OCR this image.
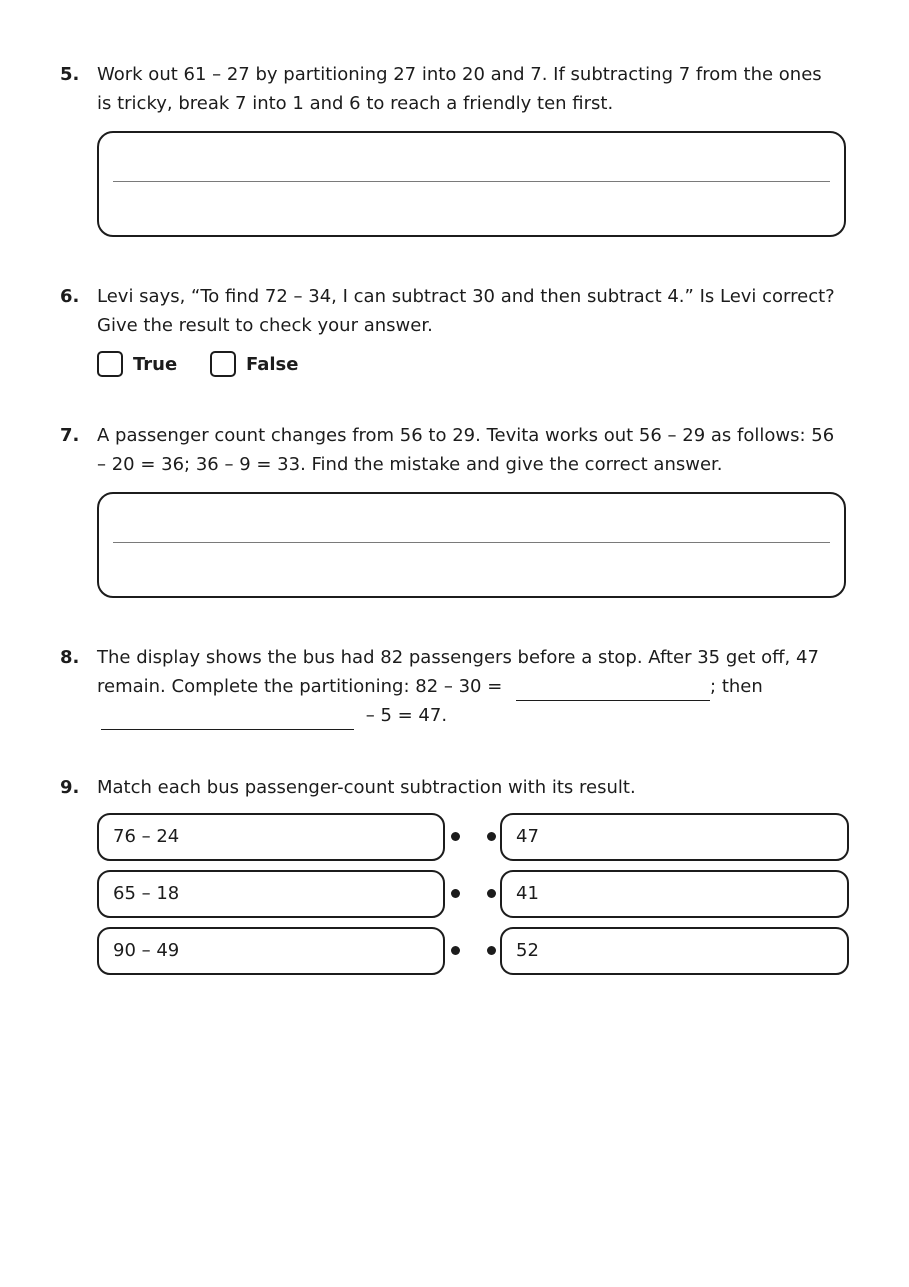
5. Work out 61 – 27 by partitioning 27 into 20 and 7. If subtracting 7 from the ones
is tricky, break 7 into 1 and 6 to reach a friendly ten first.
6. Levi says, “To find 72 – 34, I can subtract 30 and then subtract 4.” Is Levi correct?
Give the result to check your answer.
True	False
7. A passenger count changes from 56 to 29. Tevita works out 56 – 29 as follows: 56
– 20 = 36; 36 – 9 = 33. Find the mistake and give the correct answer.
8. The display shows the bus had 82 passengers before a stop. After 35 get off, 47
remain. Complete the partitioning: 82 – 30 =	; then
– 5 = 47.
9. Match each bus passenger-count subtraction with its result.
76 – 24	47
65 – 18	41
90 – 49	52
